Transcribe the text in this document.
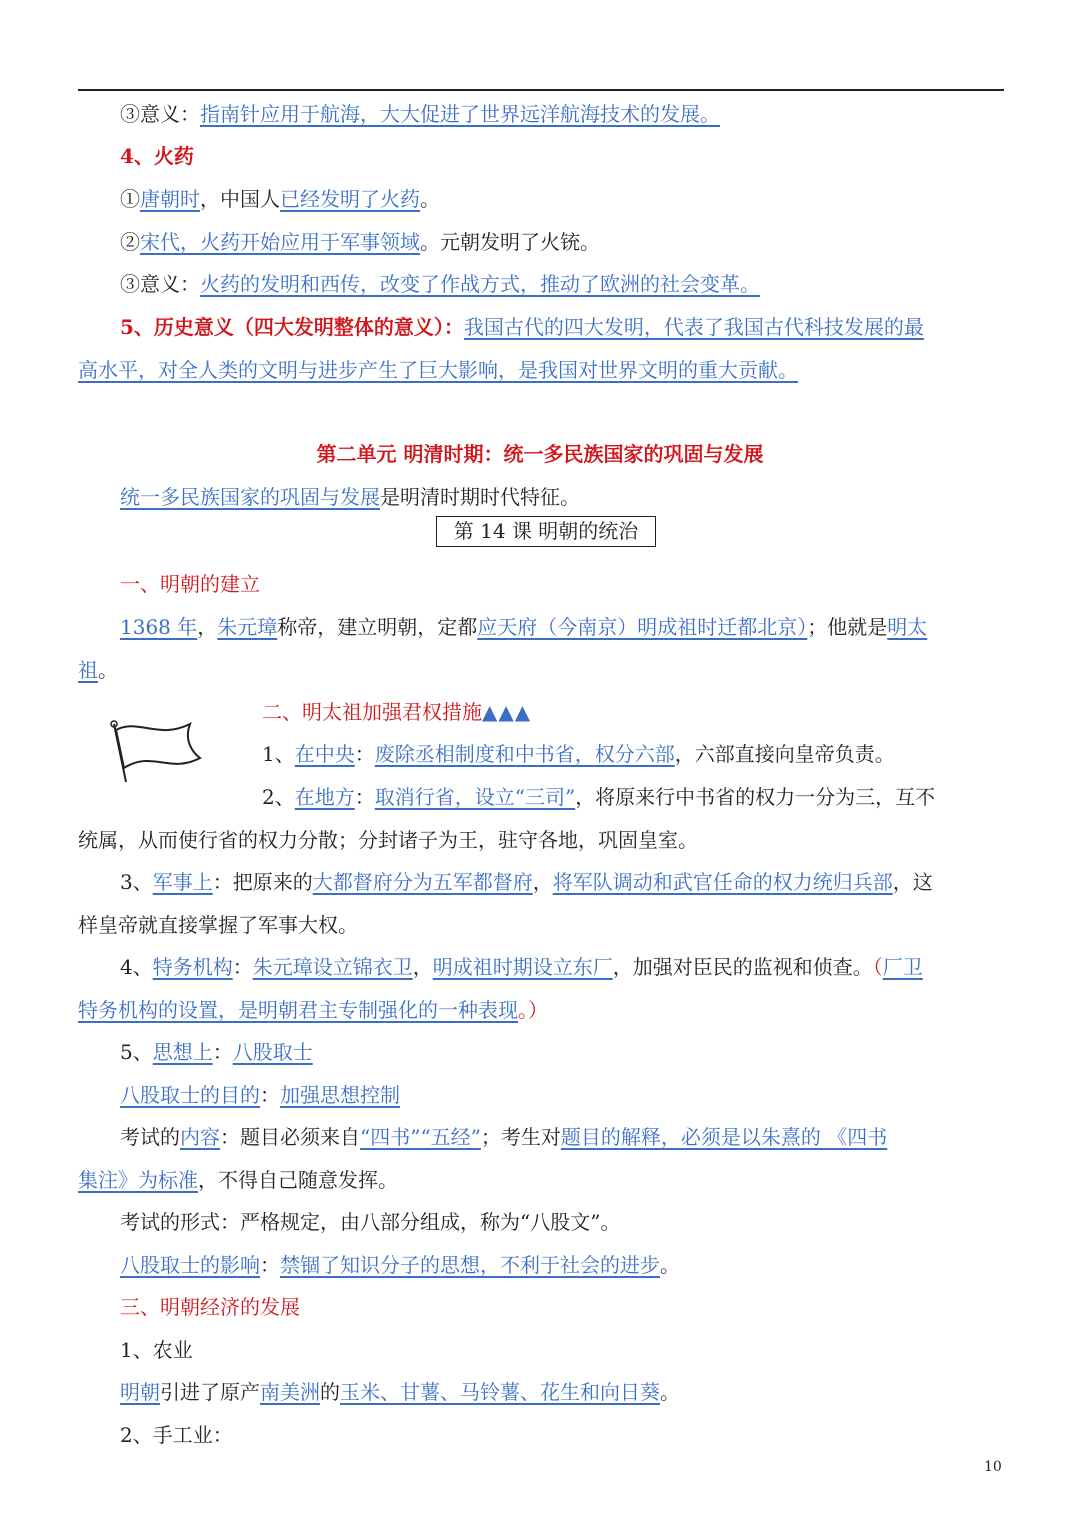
③意义：指南针应用于航海，大大促进了世界远洋航海技术的发展。
4、火药
①唐朝时，中国人已经发明了火药。
②宋代，火药开始应用于军事领域。元朝发明了火铳。
③意义：火药的发明和西传，改变了作战方式，推动了欧洲的社会变革。
5、历史意义（四大发明整体的意义）：我国古代的四大发明，代表了我国古代科技发展的最
高水平，对全人类的文明与进步产生了巨大影响，是我国对世界文明的重大贡献。
第二单元 明清时期：统一多民族国家的巩固与发展
统一多民族国家的巩固与发展是明清时期时代特征。
第 14 课 明朝的统治
一、明朝的建立
1368 年，朱元璋称帝，建立明朝，定都应天府（今南京）明成祖时迁都北京）；他就是明太
祖。
二、明太祖加强君权措施▲▲▲
1、在中央：废除丞相制度和中书省，权分六部，六部直接向皇帝负责。
2、在地方：取消行省，设立“三司”，将原来行中书省的权力一分为三，互不
统属，从而使行省的权力分散；分封诸子为王，驻守各地，巩固皇室。
3、军事上：把原来的大都督府分为五军都督府，将军队调动和武官任命的权力统归兵部，这
样皇帝就直接掌握了军事大权。
4、特务机构：朱元璋设立锦衣卫，明成祖时期设立东厂，加强对臣民的监视和侦查。（厂卫
特务机构的设置，是明朝君主专制强化的一种表现。）
5、思想上：八股取士
八股取士的目的：加强思想控制
考试的内容：题目必须来自“四书”“五经”；考生对题目的解释，必须是以朱熹的 《四书
集注》为标准，不得自己随意发挥。
考试的形式：严格规定，由八部分组成，称为“八股文”。
八股取士的影响：禁锢了知识分子的思想，不利于社会的进步。
三、明朝经济的发展
1、农业
明朝引进了原产南美洲的玉米、甘薯、马铃薯、花生和向日葵。
2、手工业：
10
